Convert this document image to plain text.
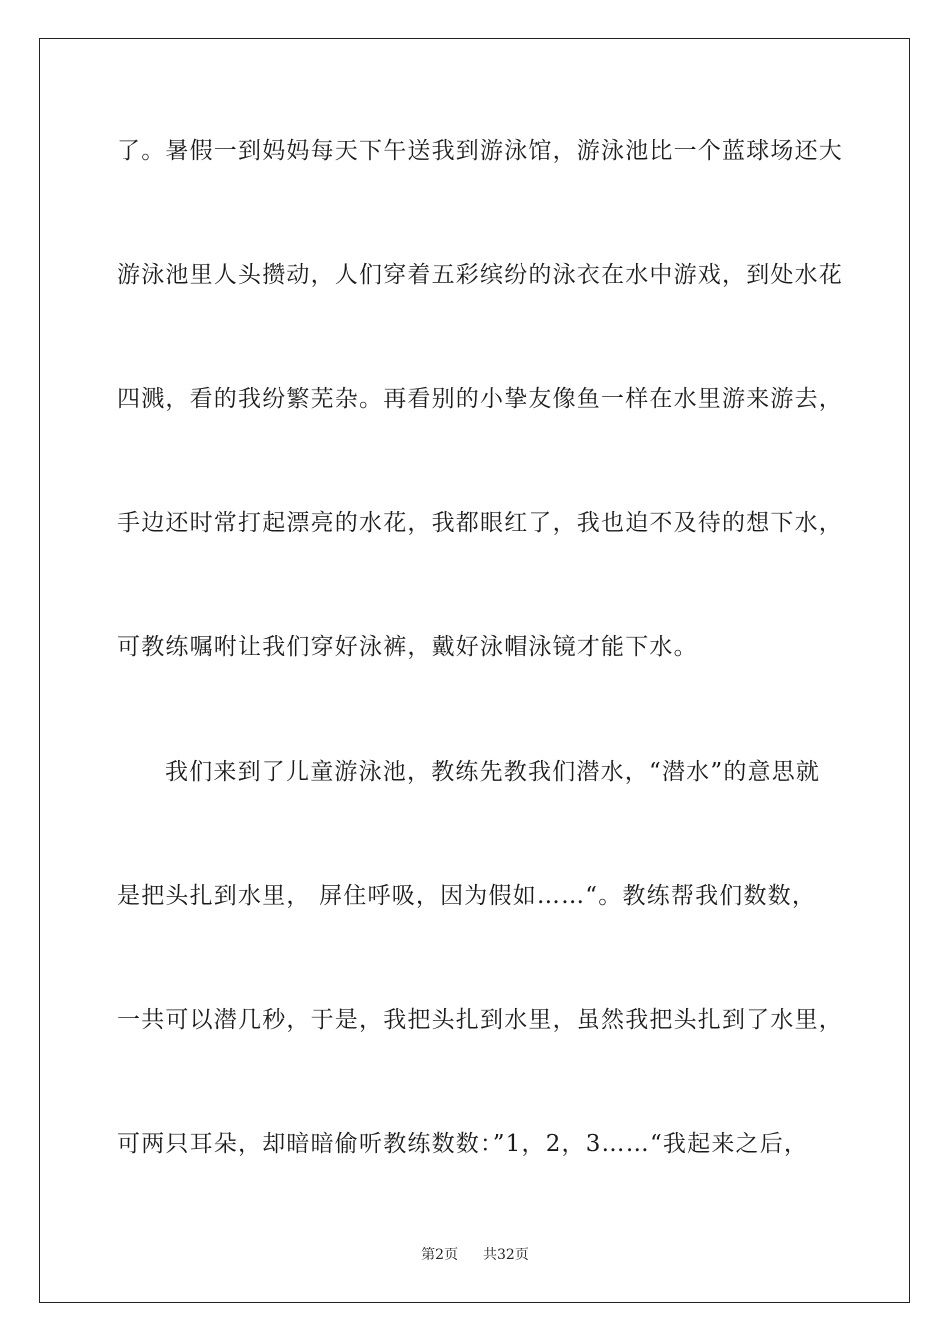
了。暑假一到妈妈每天下午送我到游泳馆，游泳池比一个蓝球场还大
游泳池里人头攒动，人们穿着五彩缤纷的泳衣在水中游戏，到处水花
四溅，看的我纷繁芜杂。再看别的小挚友像鱼一样在水里游来游去，
手边还时常打起漂亮的水花，我都眼红了，我也迫不及待的想下水，
可教练嘱咐让我们穿好泳裤，戴好泳帽泳镜才能下水。
我们来到了儿童游泳池，教练先教我们潜水，“潜水”的意思就
是把头扎到水里， 屏住呼吸，因为假如……“。教练帮我们数数，
一共可以潜几秒，于是，我把头扎到水里，虽然我把头扎到了水里，
可两只耳朵，却暗暗偷听教练数数：”1，2，3……“我起来之后，
第2页 共32页
